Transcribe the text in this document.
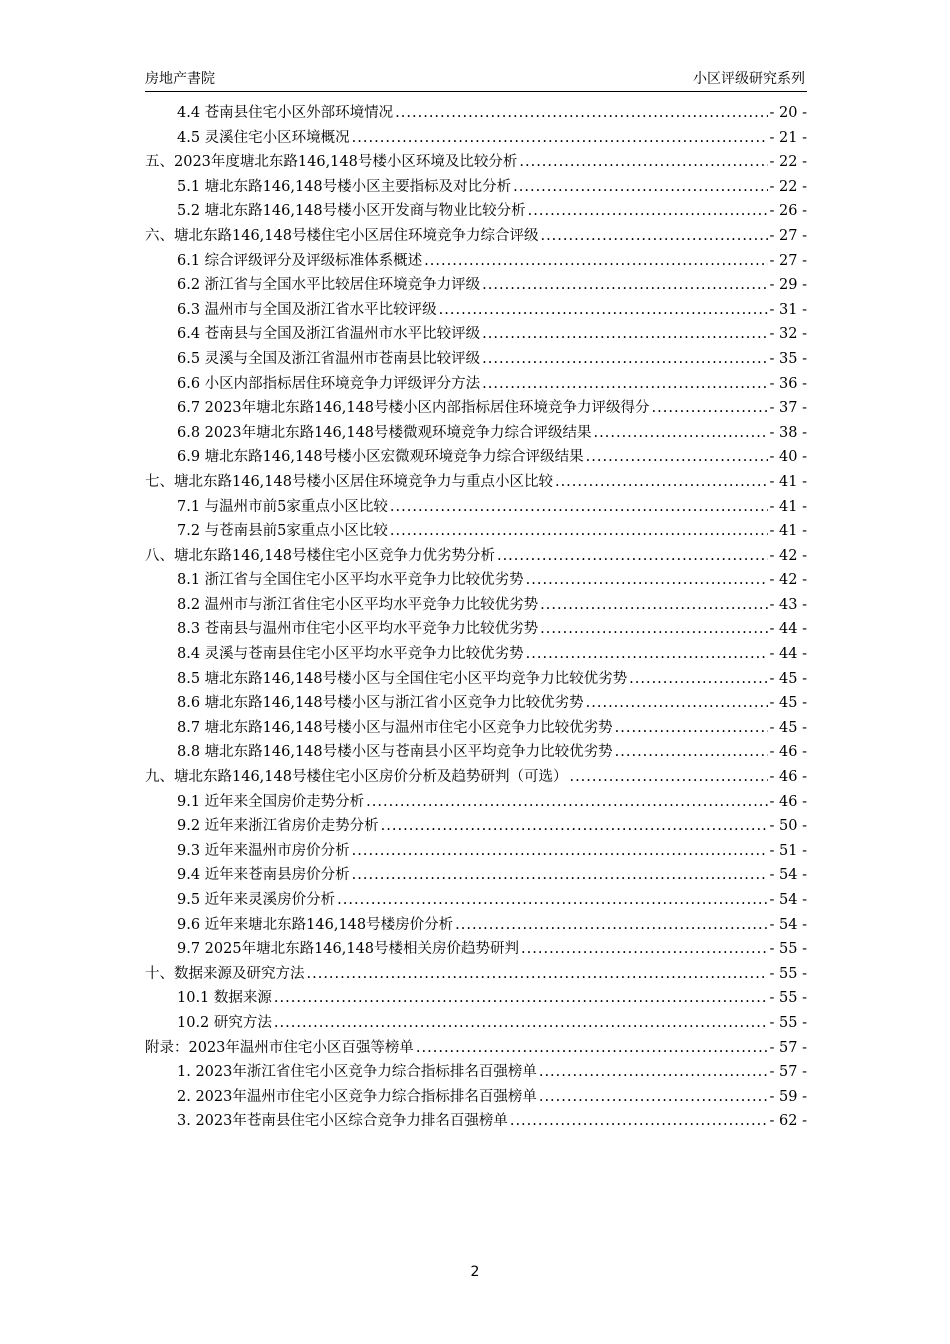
房地产書院	小区评级研究系列
4.4 苍南县住宅小区外部环境情况 .....	- 20 -
4.5 灵溪住宅小区环境概况 .....	- 21 -
五、2023年度塘北东路146,148号楼小区环境及比较分析 .....	- 22 -
5.1 塘北东路146,148号楼小区主要指标及对比分析 .....	- 22 -
5.2 塘北东路146,148号楼小区开发商与物业比较分析 .....	- 26 -
六、塘北东路146,148号楼住宅小区居住环境竞争力综合评级 .....	- 27 -
6.1 综合评级评分及评级标准体系概述 .....	- 27 -
6.2 浙江省与全国水平比较居住环境竞争力评级 .....	- 29 -
6.3 温州市与全国及浙江省水平比较评级 .....	- 31 -
6.4 苍南县与全国及浙江省温州市水平比较评级 .....	- 32 -
6.5 灵溪与全国及浙江省温州市苍南县比较评级 .....	- 35 -
6.6 小区内部指标居住环境竞争力评级评分方法 .....	- 36 -
6.7 2023年塘北东路146,148号楼小区内部指标居住环境竞争力评级得分 .....	- 37 -
6.8 2023年塘北东路146,148号楼微观环境竞争力综合评级结果 .....	- 38 -
6.9 塘北东路146,148号楼小区宏微观环境竞争力综合评级结果 .....	- 40 -
七、塘北东路146,148号楼小区居住环境竞争力与重点小区比较 .....	- 41 -
7.1 与温州市前5家重点小区比较 .....	- 41 -
7.2 与苍南县前5家重点小区比较 .....	- 41 -
八、塘北东路146,148号楼住宅小区竞争力优劣势分析 .....	- 42 -
8.1 浙江省与全国住宅小区平均水平竞争力比较优劣势 .....	- 42 -
8.2 温州市与浙江省住宅小区平均水平竞争力比较优劣势 .....	- 43 -
8.3 苍南县与温州市住宅小区平均水平竞争力比较优劣势 .....	- 44 -
8.4 灵溪与苍南县住宅小区平均水平竞争力比较优劣势 .....	- 44 -
8.5 塘北东路146,148号楼小区与全国住宅小区平均竞争力比较优劣势 .....	- 45 -
8.6 塘北东路146,148号楼小区与浙江省小区竞争力比较优劣势 .....	- 45 -
8.7 塘北东路146,148号楼小区与温州市住宅小区竞争力比较优劣势 .....	- 45 -
8.8 塘北东路146,148号楼小区与苍南县小区平均竞争力比较优劣势 .....	- 46 -
九、塘北东路146,148号楼住宅小区房价分析及趋势研判（可选） .....	- 46 -
9.1 近年来全国房价走势分析 .....	- 46 -
9.2 近年来浙江省房价走势分析 .....	- 50 -
9.3 近年来温州市房价分析 .....	- 51 -
9.4 近年来苍南县房价分析 .....	- 54 -
9.5 近年来灵溪房价分析 .....	- 54 -
9.6 近年来塘北东路146,148号楼房价分析 .....	- 54 -
9.7 2025年塘北东路146,148号楼相关房价趋势研判 .....	- 55 -
十、数据来源及研究方法 .....	- 55 -
10.1 数据来源 .....	- 55 -
10.2 研究方法 .....	- 55 -
附录：2023年温州市住宅小区百强等榜单 .....	- 57 -
1. 2023年浙江省住宅小区竞争力综合指标排名百强榜单 .....	- 57 -
2. 2023年温州市住宅小区竞争力综合指标排名百强榜单 .....	- 59 -
3. 2023年苍南县住宅小区综合竞争力排名百强榜单 .....	- 62 -
2
